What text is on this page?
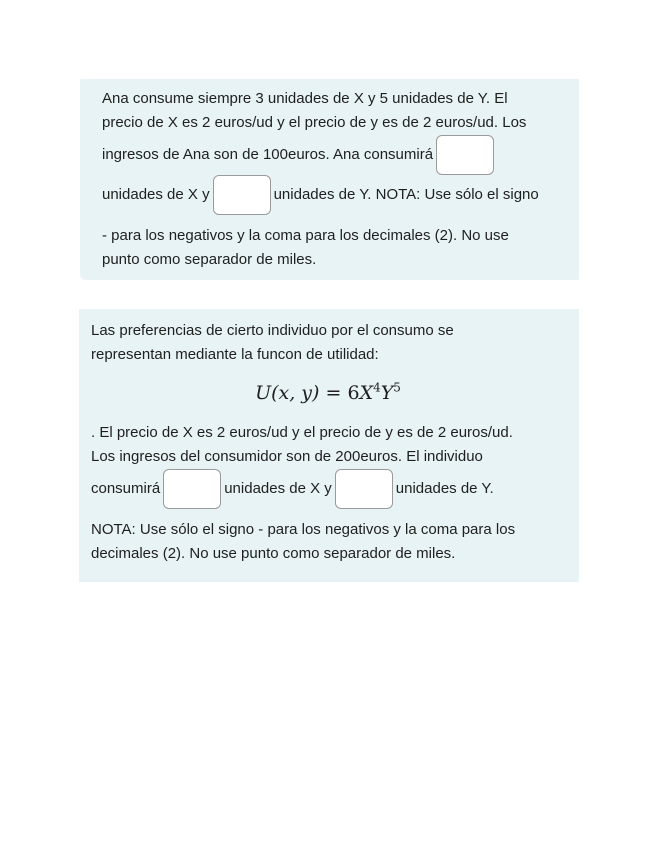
Ana consume siempre 3 unidades de X y 5 unidades de Y. El
precio de X es 2 euros/ud y el precio de y es de 2 euros/ud. Los
ingresos de Ana son de 100euros. Ana consumirá
unidades de X y	unidades de Y. NOTA: Use sólo el signo
- para los negativos y la coma para los decimales (2). No use
punto como separador de miles.
Las preferencias de cierto individuo por el consumo se
representan mediante la funcon de utilidad:
U(x, $y) = 6X^4Y^5$
. El precio de X es 2 euros/ud y el precio de y es de 2 euros/ud.
Los ingresos del consumidor son de 200euros. El individuo
consumirá	unidades de X y	unidades de Y.
NOTA: Use sólo el signo - para los negativos y la coma para los
decimales (2). No use punto como separador de miles.
